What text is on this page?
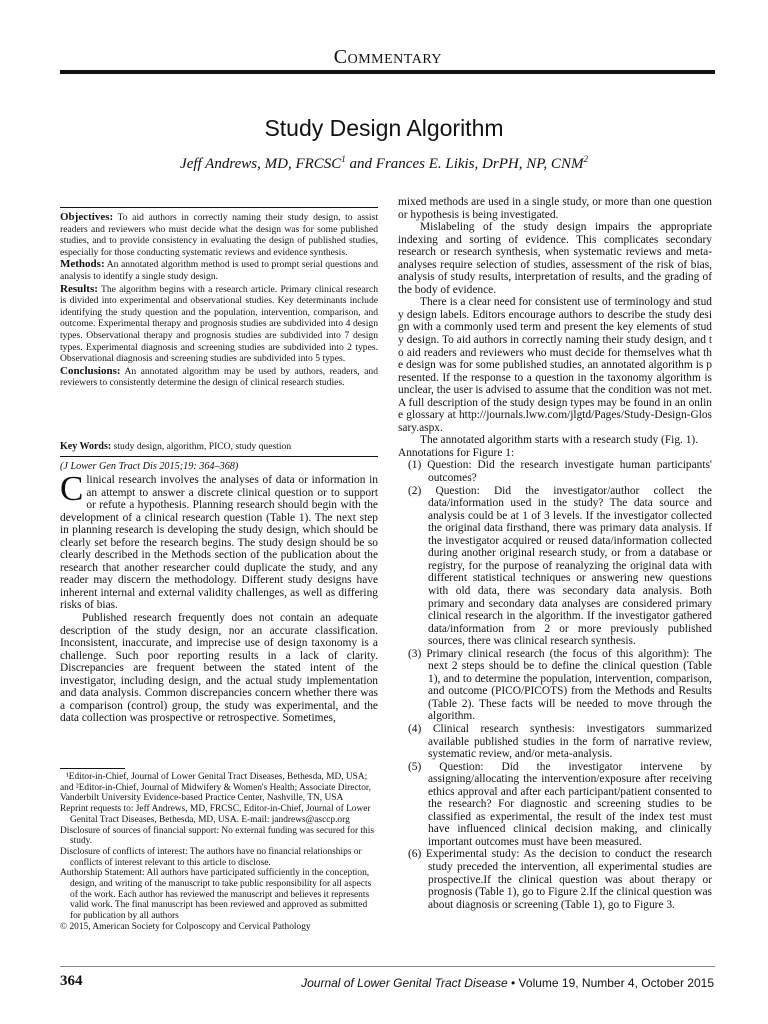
Commentary
Study Design Algorithm
Jeff Andrews, MD, FRCSC$^1$ and Frances E. Likis, DrPH, NP, CNM$^2$

Objectives: To aid authors in correctly naming their study design, to assist readers and reviewers who must decide what the design was for some published studies, and to provide consistency in evaluating the design of published studies, especially for those conducting systematic reviews and evidence synthesis.

Methods: An annotated algorithm method is used to prompt serial questions and analysis to identify a single study design.

Results: The algorithm begins with a research article. Primary clinical research is divided into experimental and observational studies. Key determinants include identifying the study question and the population, intervention, comparison, and outcome. Experimental therapy and prognosis studies are subdivided into 4 design types. Observational therapy and prognosis studies are subdivided into 7 design types. Experimental diagnosis and screening studies are subdivided into 2 types. Observational diagnosis and screening studies are subdivided into 5 types.

Conclusions: An annotated algorithm may be used by authors, readers, and reviewers to consistently determine the design of clinical research studies.

Key Words: study design, algorithm, PICO, study question
(J Lower Gen Tract Dis 2015;19: 364–368)

Clinical research involves the analyses of data or information in an attempt to answer a discrete clinical question or to support or refute a hypothesis. Planning research should begin with the development of a clinical research question (Table 1). The next step in planning research is developing the study design, which should be clearly set before the research begins. The study design should be so clearly described in the Methods section of the publication about the research that another researcher could duplicate the study, and any reader may discern the methodology. Different study designs have inherent internal and external validity challenges, as well as differing risks of bias.

Published research frequently does not contain an adequate description of the study design, nor an accurate classification. Inconsistent, inaccurate, and imprecise use of design taxonomy is a challenge. Such poor reporting results in a lack of clarity. Discrepancies are frequent between the stated intent of the investigator, including design, and the actual study implementation and data analysis. Common discrepancies concern whether there was a comparison (control) group, the study was experimental, and the data collection was prospective or retrospective. Sometimes,

¹Editor-in-Chief, Journal of Lower Genital Tract Diseases, Bethesda, MD, USA; and ²Editor-in-Chief, Journal of Midwifery & Women's Health; Associate Director, Vanderbilt University Evidence-based Practice Center, Nashville, TN, USA
Reprint requests to: Jeff Andrews, MD, FRCSC, Editor-in-Chief, Journal of Lower Genital Tract Diseases, Bethesda, MD, USA. E-mail: jandrews@asccp.org
Disclosure of sources of financial support: No external funding was secured for this study.
Disclosure of conflicts of interest: The authors have no financial relationships or conflicts of interest relevant to this article to disclose.
Authorship Statement: All authors have participated sufficiently in the conception, design, and writing of the manuscript to take public responsibility for all aspects of the work. Each author has reviewed the manuscript and believes it represents valid work. The final manuscript has been reviewed and approved as submitted for publication by all authors
© 2015, American Society for Colposcopy and Cervical Pathology

mixed methods are used in a single study, or more than one question or hypothesis is being investigated.

Mislabeling of the study design impairs the appropriate indexing and sorting of evidence. This complicates secondary research or research synthesis, when systematic reviews and meta-analyses require selection of studies, assessment of the risk of bias, analysis of study results, interpretation of results, and the grading of the body of evidence.

There is a clear need for consistent use of terminology and study design labels. Editors encourage authors to describe the study design with a commonly used term and present the key elements of study design. To aid authors in correctly naming their study design, and to aid readers and reviewers who must decide for themselves what the design was for some published studies, an annotated algorithm is presented. If the response to a question in the taxonomy algorithm is unclear, the user is advised to assume that the condition was not met. A full description of the study design types may be found in an online glossary at http://journals.lww.com/jlgtd/Pages/Study-Design-Glossary.aspx.

The annotated algorithm starts with a research study (Fig. 1).

Annotations for Figure 1:

(1) Question: Did the research investigate human participants' outcomes?

(2) Question: Did the investigator/author collect the data/information used in the study? The data source and analysis could be at 1 of 3 levels. If the investigator collected the original data firsthand, there was primary data analysis. If the investigator acquired or reused data/information collected during another original research study, or from a database or registry, for the purpose of reanalyzing the original data with different statistical techniques or answering new questions with old data, there was secondary data analysis. Both primary and secondary data analyses are considered primary clinical research in the algorithm. If the investigator gathered data/information from 2 or more previously published sources, there was clinical research synthesis.

(3) Primary clinical research (the focus of this algorithm): The next 2 steps should be to define the clinical question (Table 1), and to determine the population, intervention, comparison, and outcome (PICO/PICOTS) from the Methods and Results (Table 2). These facts will be needed to move through the algorithm.

(4) Clinical research synthesis: investigators summarized available published studies in the form of narrative review, systematic review, and/or meta-analysis.

(5) Question: Did the investigator intervene by assigning/allocating the intervention/exposure after receiving ethics approval and after each participant/patient consented to the research? For diagnostic and screening studies to be classified as experimental, the result of the index test must have influenced clinical decision making, and clinically important outcomes must have been measured.

(6) Experimental study: As the decision to conduct the research study preceded the intervention, all experimental studies are prospective.If the clinical question was about therapy or prognosis (Table 1), go to Figure 2.If the clinical question was about diagnosis or screening (Table 1), go to Figure 3.

364	Journal of Lower Genital Tract Disease • Volume 19, Number 4, October 2015
